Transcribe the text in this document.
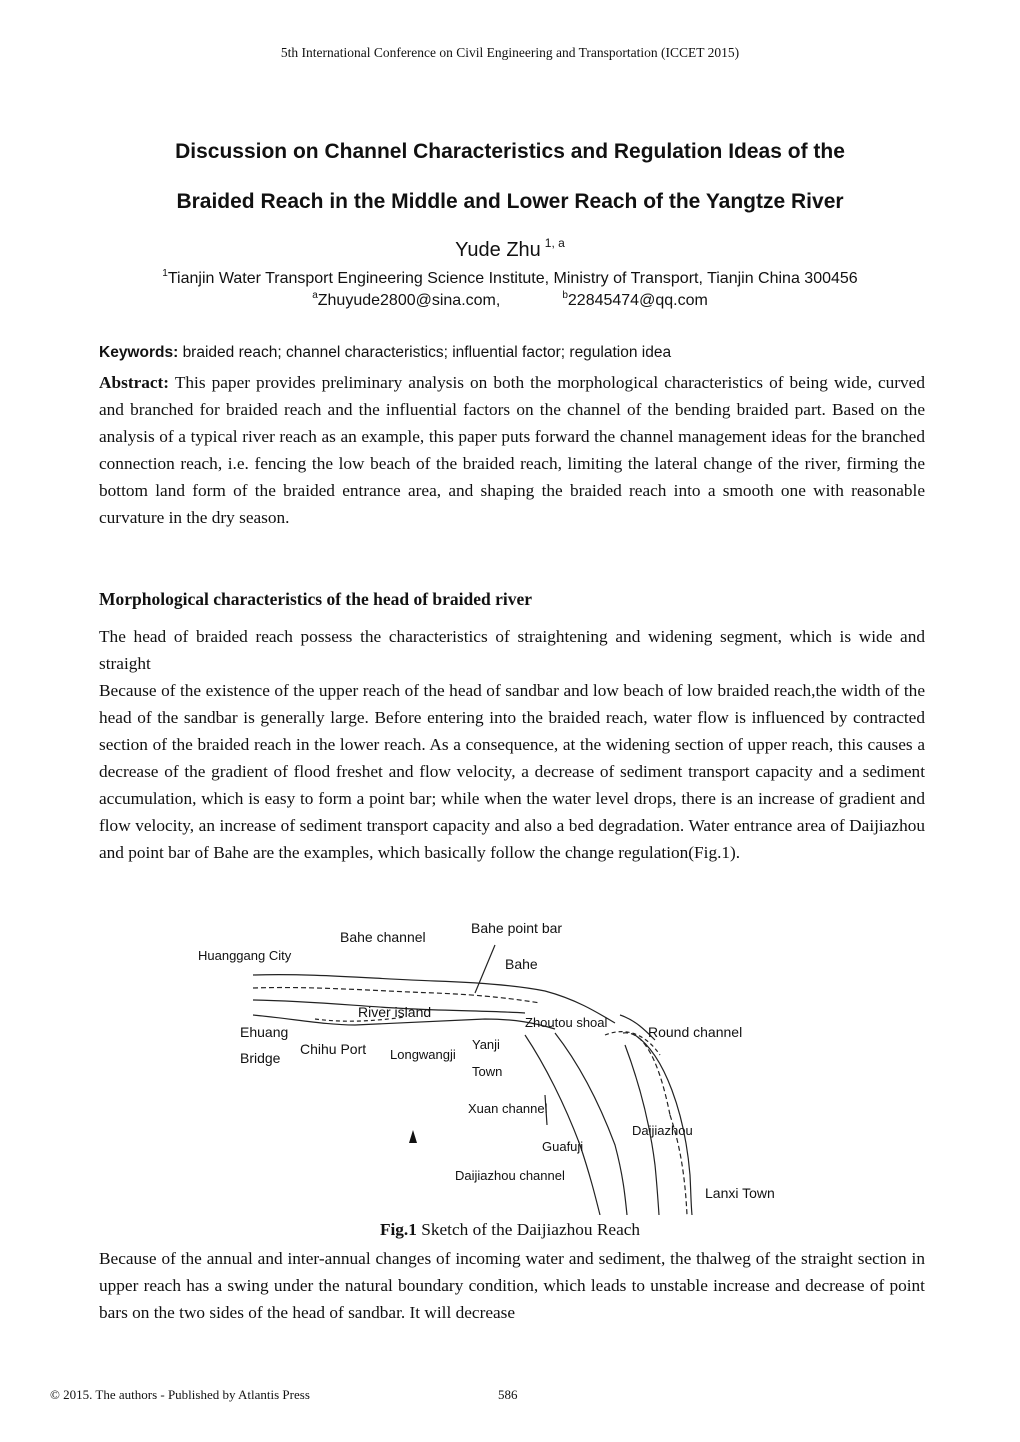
5th International Conference on Civil Engineering and Transportation (ICCET 2015)
Discussion on Channel Characteristics and Regulation Ideas of the
Braided Reach in the Middle and Lower Reach of the Yangtze River
Yude Zhu $^{1, a}$
$^1$Tianjin Water Transport Engineering Science Institute, Ministry of Transport, Tianjin China 300456
$^a$Zhuyude2800@sina.com,	$^b$22845474@qq.com
Keywords: braided reach; channel characteristics; influential factor; regulation idea

Abstract: This paper provides preliminary analysis on both the morphological characteristics of being wide, curved and branched for braided reach and the influential factors on the channel of the bending braided part. Based on the analysis of a typical river reach as an example, this paper puts forward the channel management ideas for the branched connection reach, i.e. fencing the low beach of the braided reach, limiting the lateral change of the river, firming the bottom land form of the braided entrance area, and shaping the braided reach into a smooth one with reasonable curvature in the dry season.

Morphological characteristics of the head of braided river

The head of braided reach possess the characteristics of straightening and widening segment, which is wide and straight

Because of the existence of the upper reach of the head of sandbar and low beach of low braided reach,the width of the head of the sandbar is generally large. Before entering into the braided reach, water flow is influenced by contracted section of the braided reach in the lower reach. As a consequence, at the widening section of upper reach, this causes a decrease of the gradient of flood freshet and flow velocity, a decrease of sediment transport capacity and a sediment accumulation, which is easy to form a point bar; while when the water level drops, there is an increase of gradient and flow velocity, an increase of sediment transport capacity and also a bed degradation. Water entrance area of Daijiazhou and point bar of Bahe are the examples, which basically follow the change regulation(Fig.1).

Bahe point bar
Bahe channel
Huanggang City
Bahe
River island
Zhoutou shoal
Round channel
Ehuang
Bridge
Chihu Port Longwangji
Yanji
Town
Xuan channel
Daijiazhou
Guafuji
Daijiazhou channel
Lanxi Town
Fig.1 Sketch of the Daijiazhou Reach

Because of the annual and inter-annual changes of incoming water and sediment, the thalweg of the straight section in upper reach has a swing under the natural boundary condition, which leads to unstable increase and decrease of point bars on the two sides of the head of sandbar. It will decrease

© 2015. The authors - Published by Atlantis Press	586
